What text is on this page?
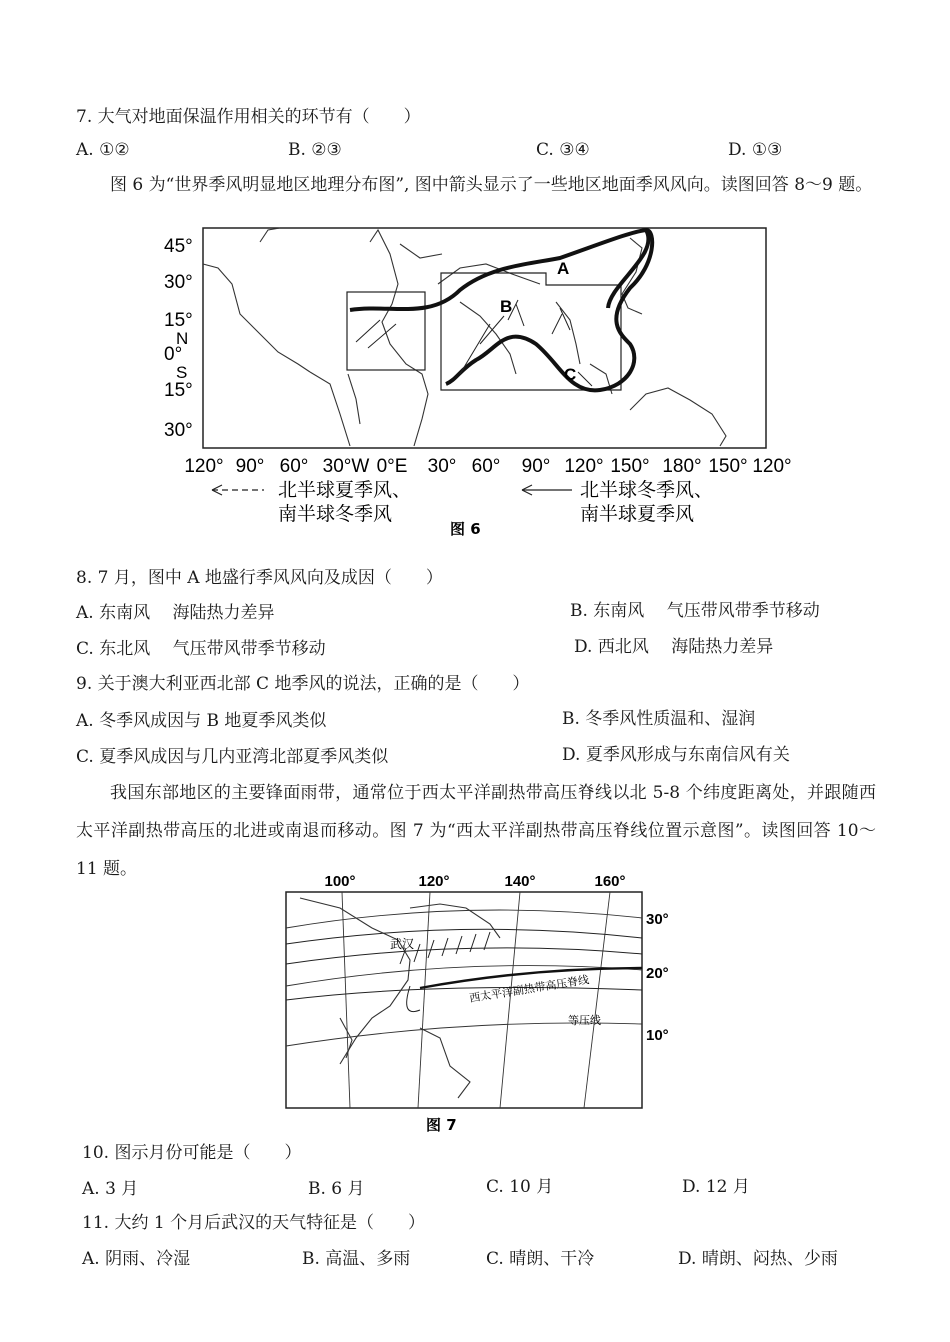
7. 大气对地面保温作用相关的环节有（　　）
A. ①②	B. ②③	C. ③④	D. ①③
图 6 为“世界季风明显地区地理分布图”, 图中箭头显示了一些地区地面季风风向。读图回答 8～9 题。
A
B
C
45°
30°
15°
0°
15°
30°
N
S
120° 90° 60° 30°W 0°E 30° 60° 90° 120° 150° 180° 150° 120°
北半球夏季风、
南半球冬季风
北半球冬季风、
南半球夏季风
图 6
8. 7 月，图中 A 地盛行季风风向及成因（　　）
A. 东南风　 海陆热力差异	B. 东南风　 气压带风带季节移动
C. 东北风　 气压带风带季节移动	D. 西北风　 海陆热力差异
9. 关于澳大利亚西北部 C 地季风的说法，正确的是（　　）
A. 冬季风成因与 B 地夏季风类似	B. 冬季风性质温和、湿润
C. 夏季风成因与几内亚湾北部夏季风类似	D. 夏季风形成与东南信风有关
我国东部地区的主要锋面雨带，通常位于西太平洋副热带高压脊线以北 5-8 个纬度距离处，并跟随西太平洋副热带高压的北进或南退而移动。图 7 为“西太平洋副热带高压脊线位置示意图”。读图回答 10～11 题。
100°	120°	140°	160°
30°
20°
10°
武汉
西太平洋副热带高压脊线
等压线
图 7
10. 图示月份可能是（　　）
A. 3 月	B. 6 月	C. 10 月	D. 12 月
11. 大约 1 个月后武汉的天气特征是（　　）
A. 阴雨、冷湿	B. 高温、多雨	C. 晴朗、干冷	D. 晴朗、闷热、少雨
